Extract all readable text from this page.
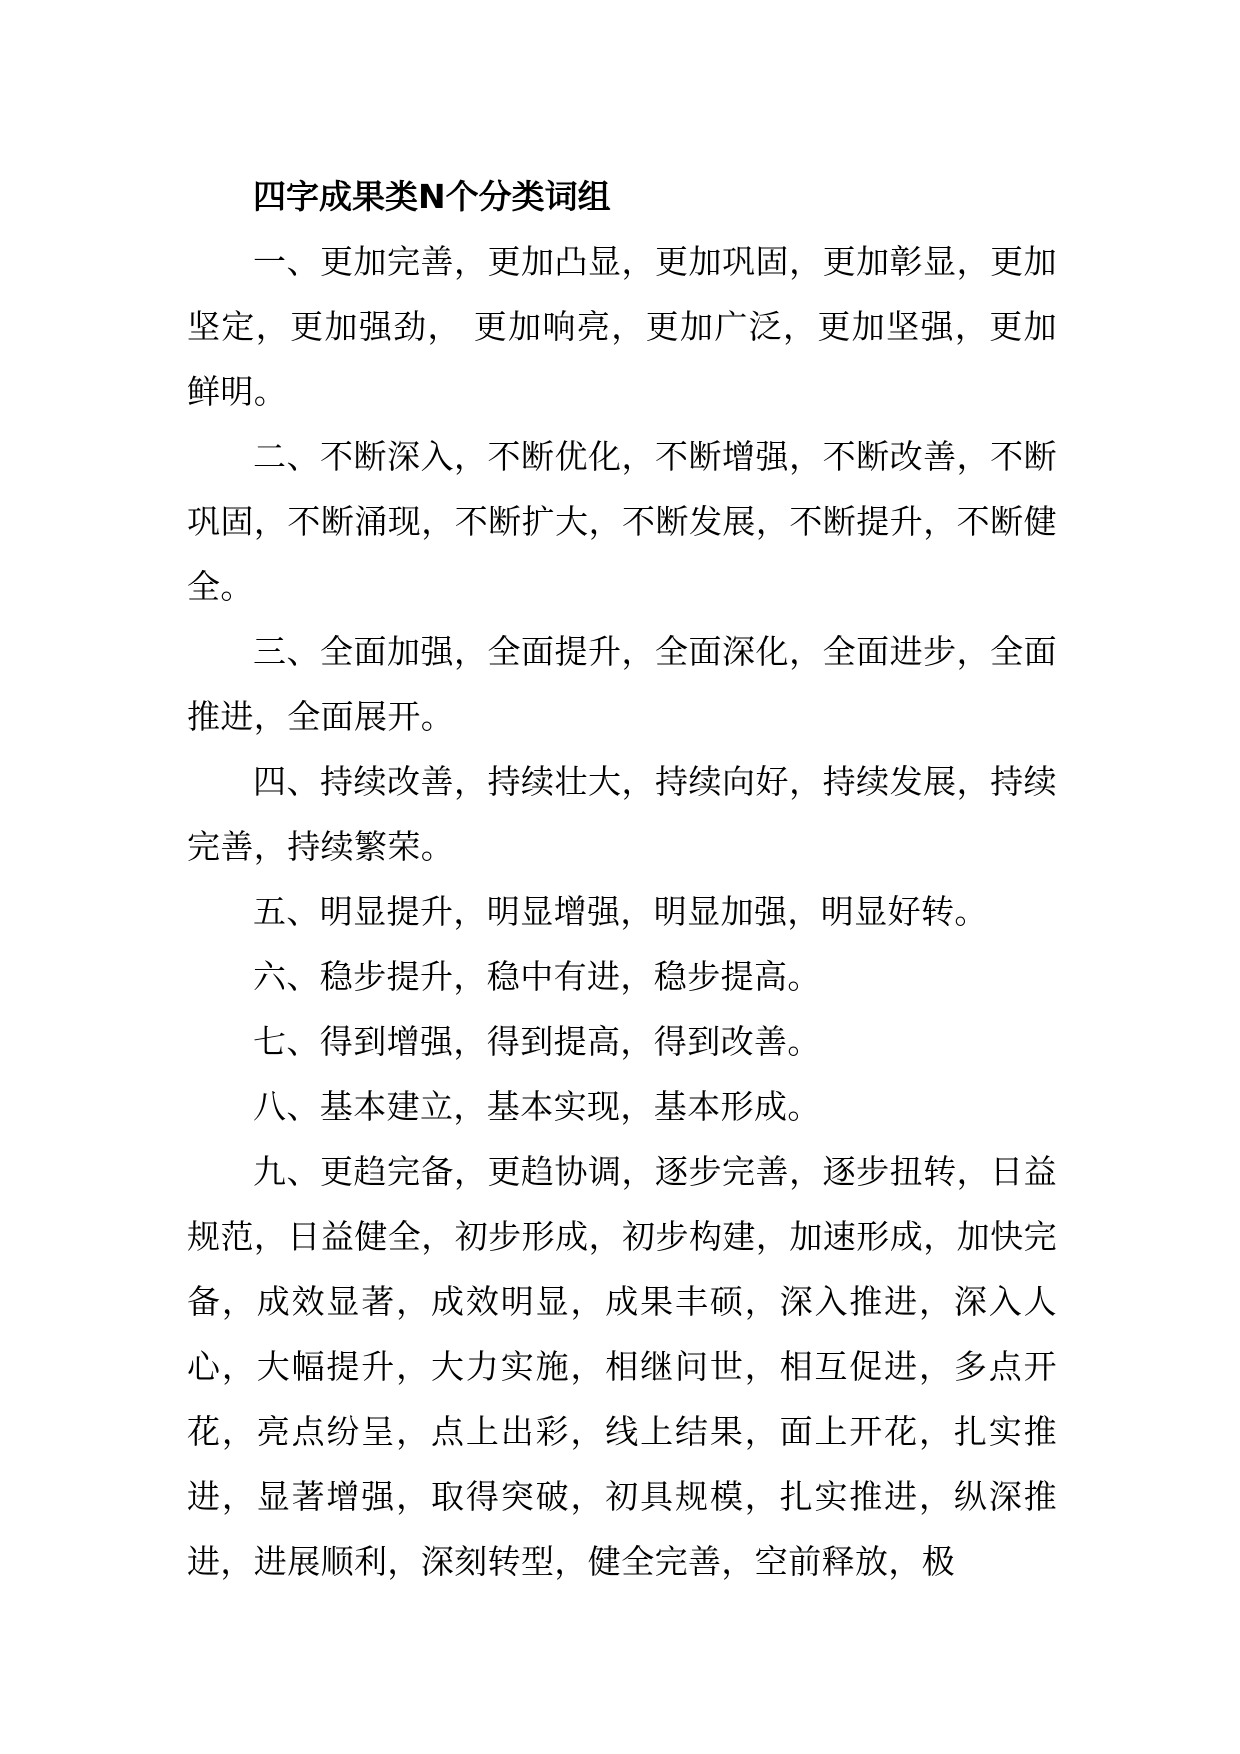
四字成果类N个分类词组

一、更加完善，更加凸显，更加巩固，更加彰显，更加坚定，更加强劲， 更加响亮，更加广泛，更加坚强，更加鲜明。

二、不断深入，不断优化，不断增强，不断改善，不断巩固，不断涌现，不断扩大，不断发展，不断提升，不断健全。

三、全面加强，全面提升，全面深化，全面进步，全面推进，全面展开。

四、持续改善，持续壮大，持续向好，持续发展，持续完善，持续繁荣。

五、明显提升，明显增强，明显加强，明显好转。

六、稳步提升，稳中有进，稳步提高。

七、得到增强，得到提高，得到改善。

八、基本建立，基本实现，基本形成。

九、更趋完备，更趋协调，逐步完善，逐步扭转，日益规范，日益健全，初步形成，初步构建，加速形成，加快完备，成效显著，成效明显，成果丰硕，深入推进，深入人心，大幅提升，大力实施，相继问世，相互促进，多点开花，亮点纷呈，点上出彩，线上结果，面上开花，扎实推进，显著增强，取得突破，初具规模，扎实推进，纵深推进，进展顺利，深刻转型，健全完善，空前释放，极
